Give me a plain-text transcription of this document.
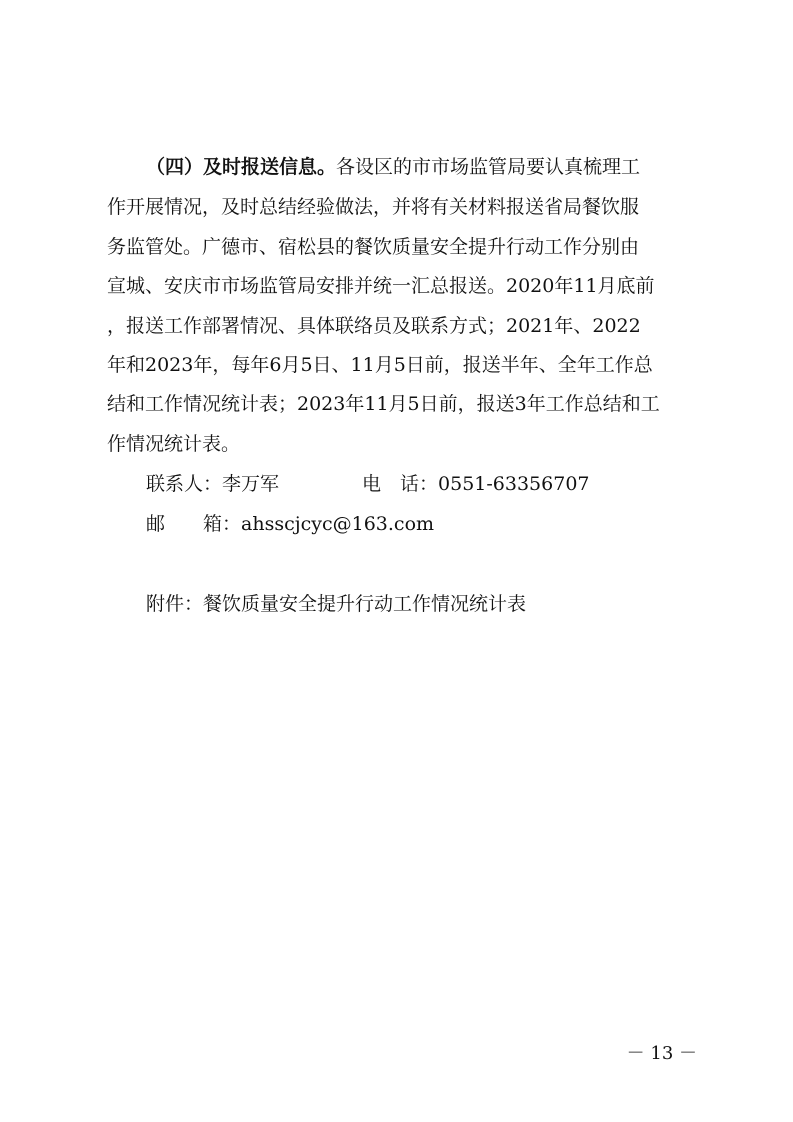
（四）及时报送信息。各设区的市市场监管局要认真梳理工
作开展情况，及时总结经验做法，并将有关材料报送省局餐饮服
务监管处。广德市、宿松县的餐饮质量安全提升行动工作分别由
宣城、安庆市市场监管局安排并统一汇总报送。2020年11月底前
，报送工作部署情况、具体联络员及联系方式；2021年、2022
年和2023年，每年6月5日、11月5日前，报送半年、全年工作总
结和工作情况统计表；2023年11月5日前，报送3年工作总结和工
作情况统计表。
联系人：李万军	电　话：0551-63356707
邮　　箱：ahsscjcyc@163.com
附件：餐饮质量安全提升行动工作情况统计表
－ 13 －
